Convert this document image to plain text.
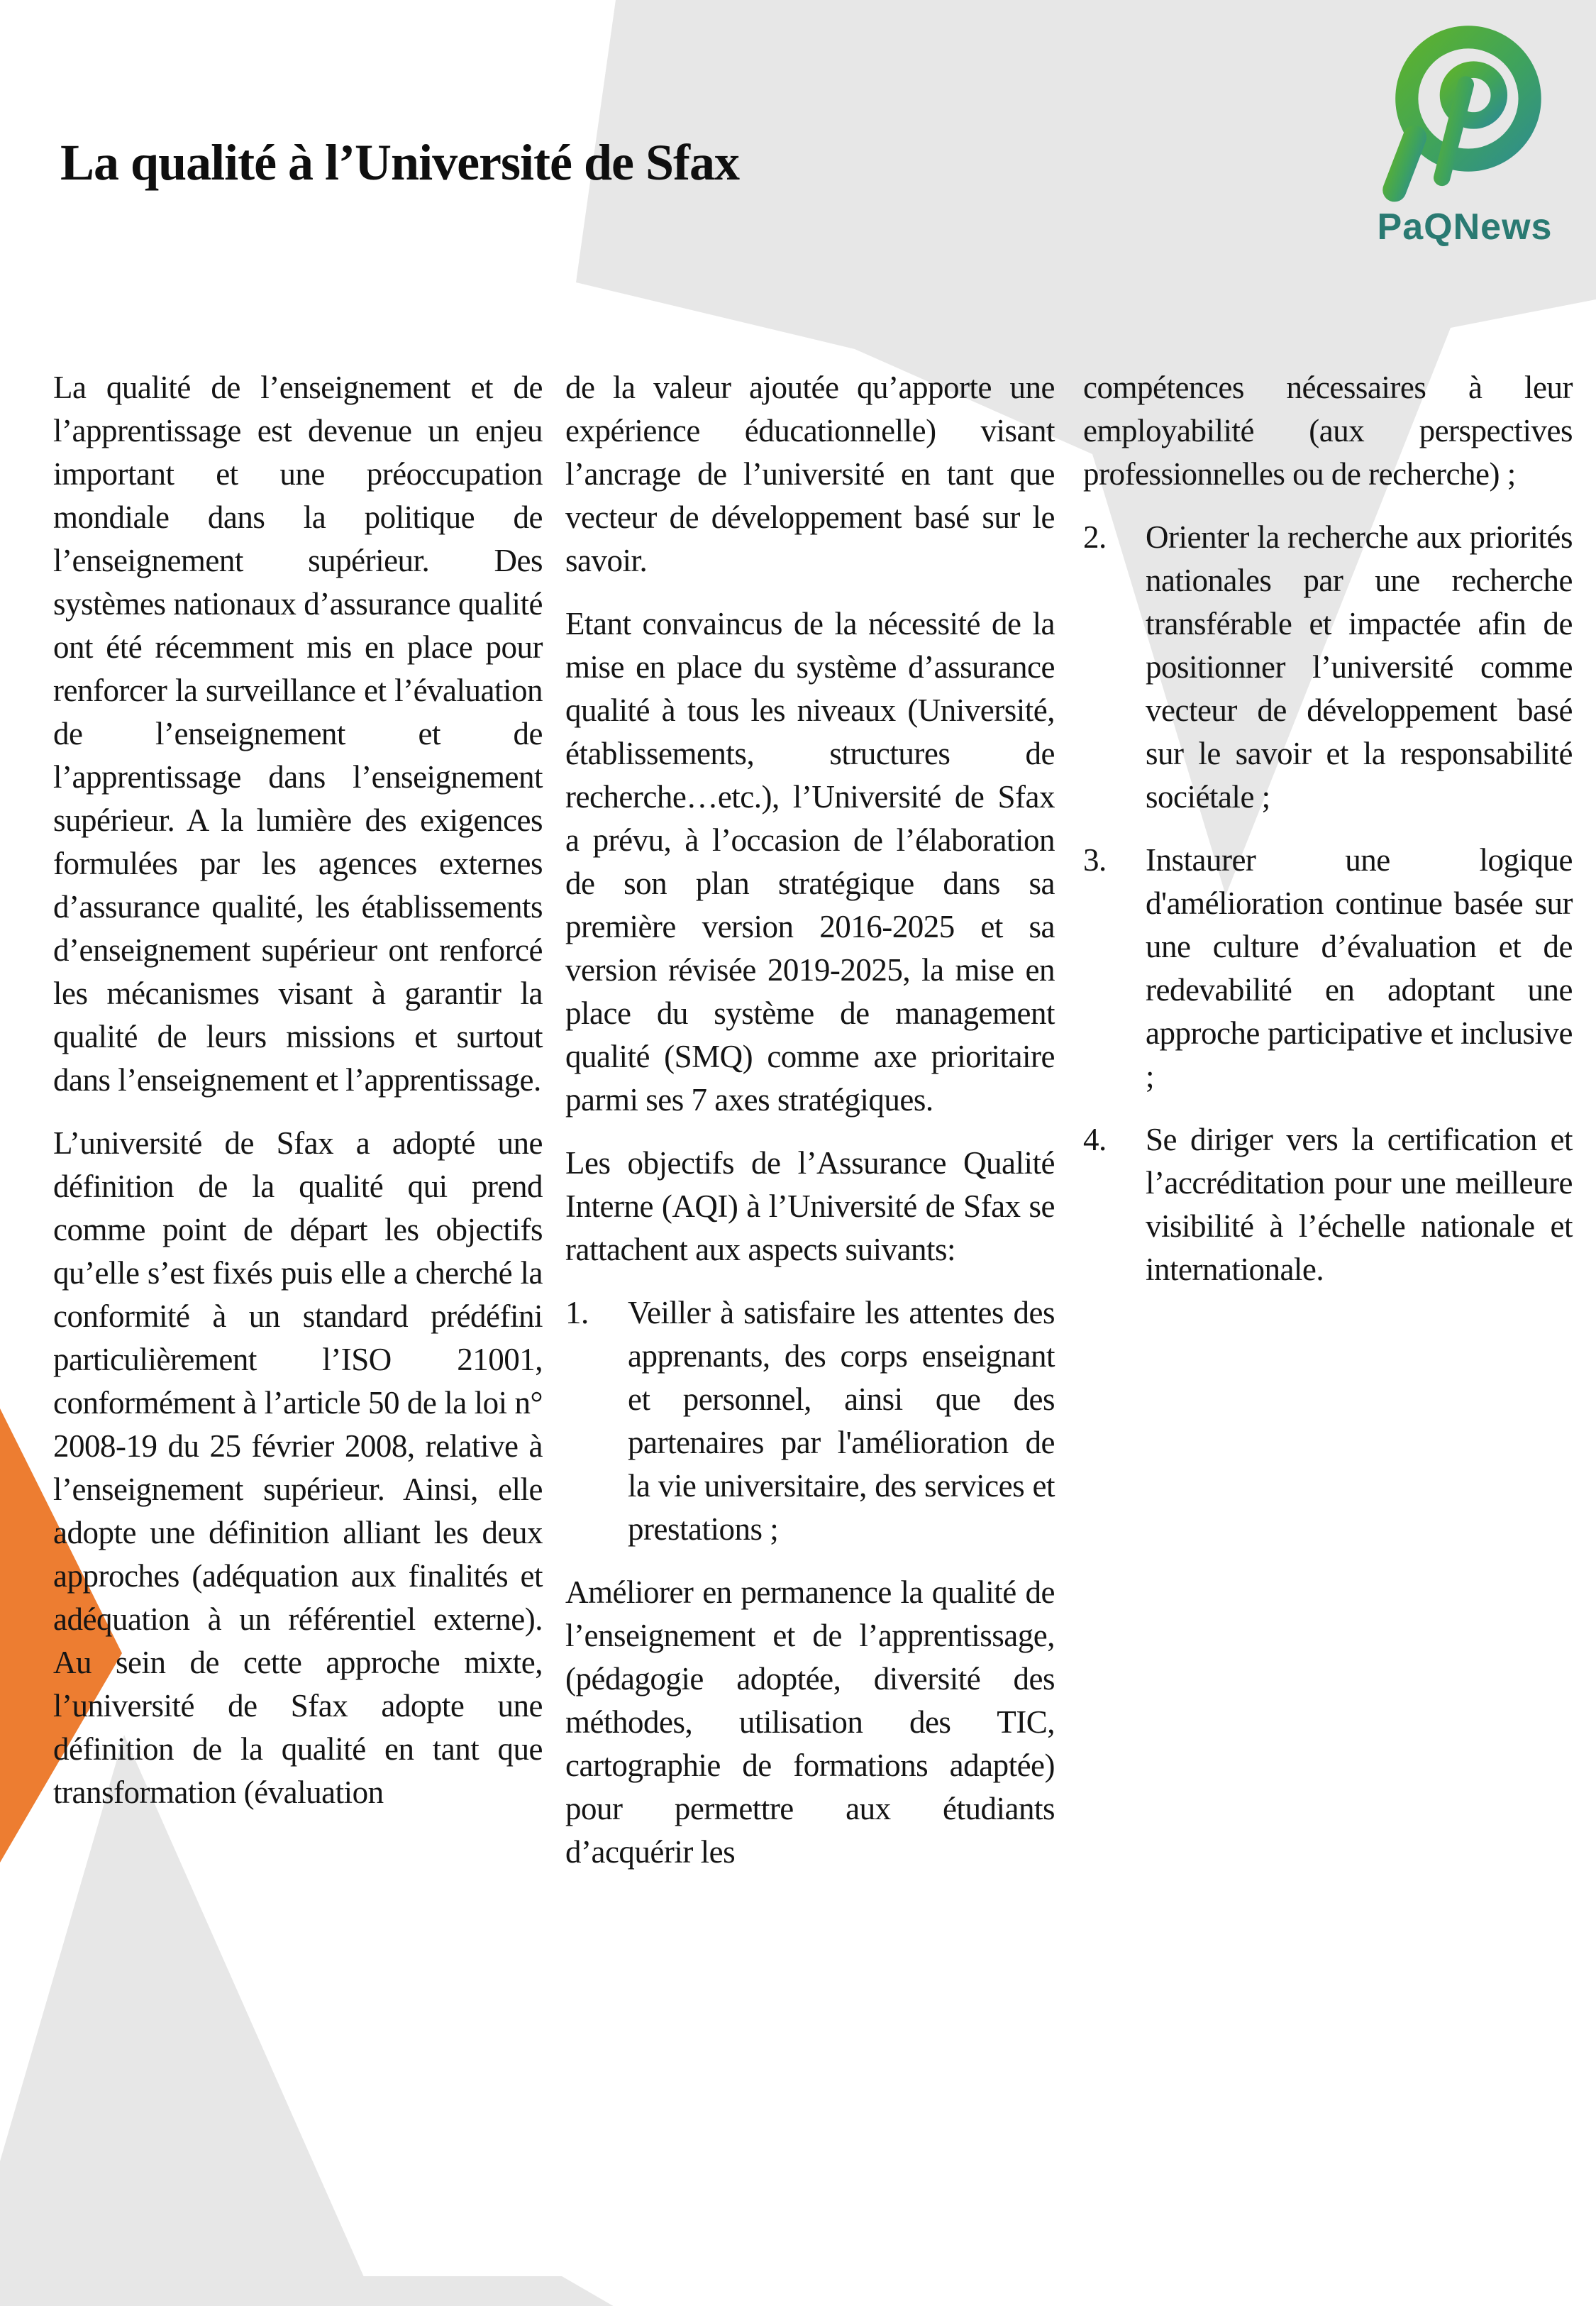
La qualité à l’Université de Sfax
PaQNews

La qualité de l’enseignement et de l’apprentissage est devenue un enjeu important et une préoccupation mondiale dans la politique de l’enseignement supérieur. Des systèmes nationaux d’assurance qualité ont été récemment mis en place pour renforcer la surveillance et l’évaluation de l’enseignement et de l’apprentissage dans l’enseignement supérieur. A la lumière des exigences formulées par les agences externes d’assurance qualité, les établissements d’enseignement supérieur ont renforcé les mécanismes visant à garantir la qualité de leurs missions et surtout dans l’enseignement et l’apprentissage.

L’université de Sfax a adopté une définition de la qualité qui prend comme point de départ les objectifs qu’elle s’est fixés puis elle a cherché la conformité à un standard prédéfini particulièrement l’ISO 21001, conformément à l’article 50 de la loi n° 2008-19 du 25 février 2008, relative à l’enseignement supérieur. Ainsi, elle adopte une définition alliant les deux approches (adéquation aux finalités et adéquation à un référentiel externe). Au sein de cette approche mixte, l’université de Sfax adopte une définition de la qualité en tant que transformation (évaluation

de la valeur ajoutée qu’apporte une expérience éducationnelle) visant l’ancrage de l’université en tant que vecteur de développement basé sur le savoir.

Etant convaincus de la nécessité de la mise en place du système d’assurance qualité à tous les niveaux (Université, établissements, structures de recherche…etc.), l’Université de Sfax a prévu, à l’occasion de l’élaboration de son plan stratégique dans sa première version 2016-2025 et sa version révisée 2019-2025, la mise en place du système de management qualité (SMQ) comme axe prioritaire parmi ses 7 axes stratégiques.

Les objectifs de l’Assurance Qualité Interne (AQI) à l’Université de Sfax se rattachent aux aspects suivants:

1.	Veiller à satisfaire les attentes des apprenants, des corps enseignant et personnel, ainsi que des partenaires par l'amélioration de la vie universitaire, des services et prestations ;

Améliorer en permanence la qualité de l’enseignement et de l’apprentissage, (pédagogie adoptée, diversité des méthodes, utilisation des TIC, cartographie de formations adaptée) pour permettre aux étudiants d’acquérir les

compétences nécessaires à leur employabilité (aux perspectives professionnelles ou de recherche) ;

2.	Orienter la recherche aux priorités nationales par une recherche transférable et impactée afin de positionner l’université comme vecteur de développement basé sur le savoir et la responsabilité sociétale ;
3.	Instaurer une logique d'amélioration continue basée sur une culture d’évaluation et de redevabilité en adoptant une approche participative et inclusive ;
4.	Se diriger vers la certification et l’accréditation pour une meilleure visibilité à l’échelle nationale et internationale.
